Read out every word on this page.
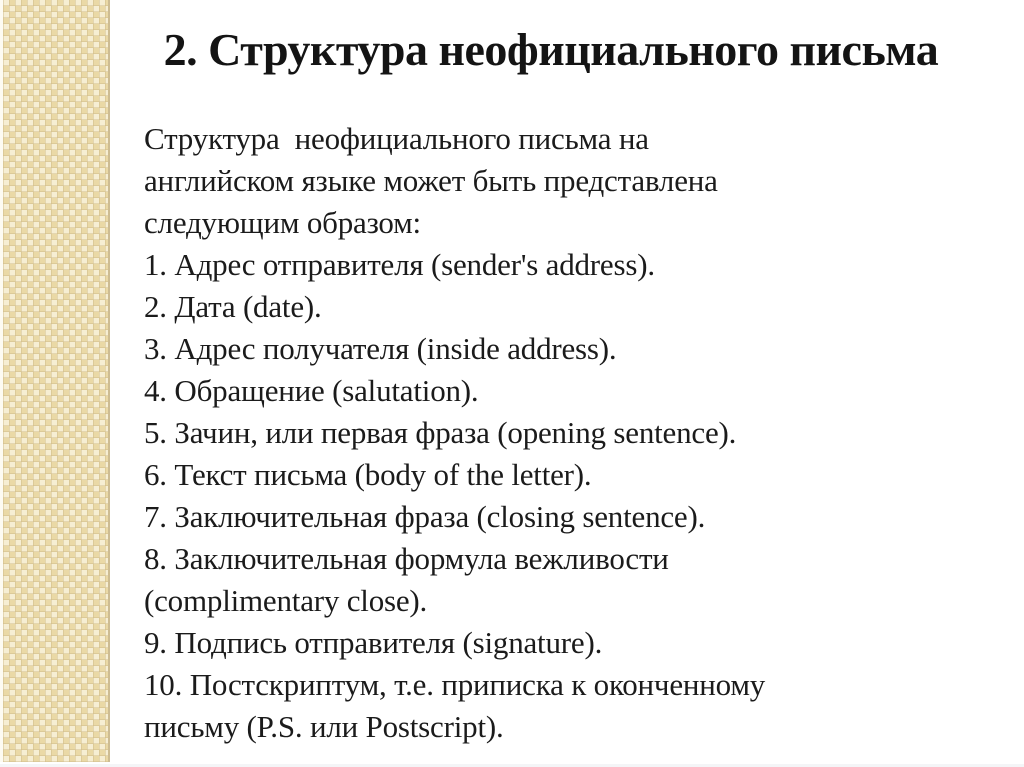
2. Структура неофициального письма
Структура  неофициального письма на
английском языке может быть представлена
следующим образом:
1. Адрес отправителя (sender's address).
2. Дата (date).
3. Адрес получателя (inside address).
4. Обращение (salutation).
5. Зачин, или первая фраза (opening sentence).
6. Текст письма (body of the letter).
7. Заключительная фраза (closing sentence).
8. Заключительная формула вежливости
(complimentary close).
9. Подпись отправителя (signature).
10. Постскриптум, т.е. приписка к оконченному
письму (P.S. или Postscript).
